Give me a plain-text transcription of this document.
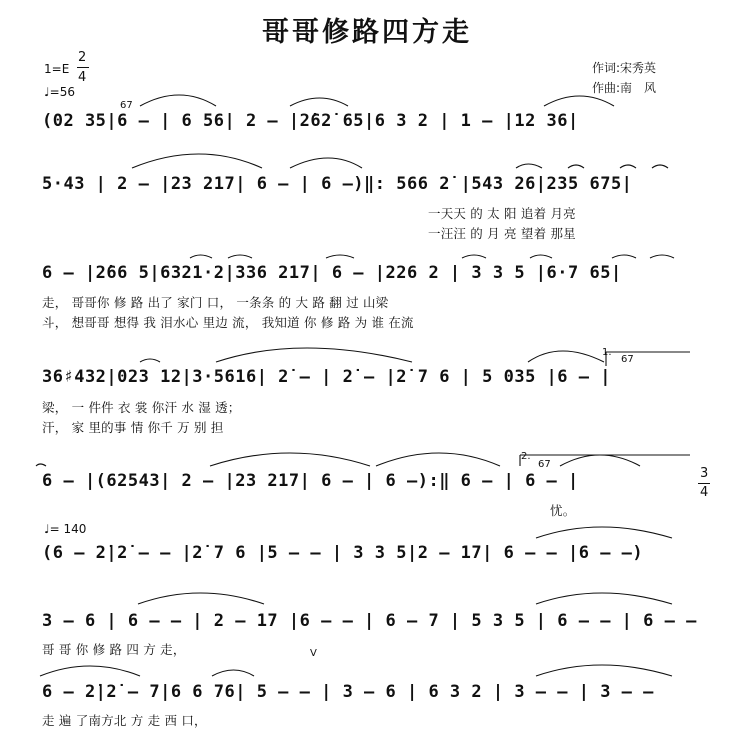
哥哥修路四方走
1=E
2
4
♩=56
作词:宋秀英
作曲:南　风
67
1.
67
2.
67
3
4
♩= 140
V
(02 35|6 – | 6 56| 2 – |2̇62̇ 65|6 3 2 | 1 – |12 36|
5·43 | 2 – |23 217| 6 – | 6 –)‖: 566 2̇ |543 26|235 675|
一天天 的 太 阳 追着 月亮
一汪汪 的 月 亮 望着 那星
6 – |2̇66 5|6321·2|336 217| 6 – |226 2 | 3 3 5 |6·7 65|
走， 哥哥你 修 路 出了 家门 口， 一条条 的 大 路 翻 过 山梁
斗， 想哥哥 想得 我 泪水心 里边 流， 我知道 你 修 路 为 谁 在流
36♯432|023 12|3·5616| 2̇ – | 2̇ – |2̇ 7 6 | 5 035 |6 – |
梁， 一 件件 衣 裳 你汗 水 湿 透；
汗， 家 里的事 情 你千 万 别 担
6 – |(62543| 2 – |23 217| 6 – | 6 –):‖ 6 – | 6 – |
忧。
(6 – 2̇|2̇ – – |2̇ 7 6 |5 – – | 3 3 5|2 – 17| 6 – – |6 – –)
3 – 6 | 6 – – | 2 – 17 |6 – – | 6 – 7 | 5 3 5 | 6 – – | 6 – –
哥 哥 你 修 路 四 方 走，
6 – 2̇|2̇ – 7|6 6 76| 5 – – | 3 – 6 | 6 3 2 | 3 – – | 3 – –
走 遍 了南方北 方 走 西 口，
